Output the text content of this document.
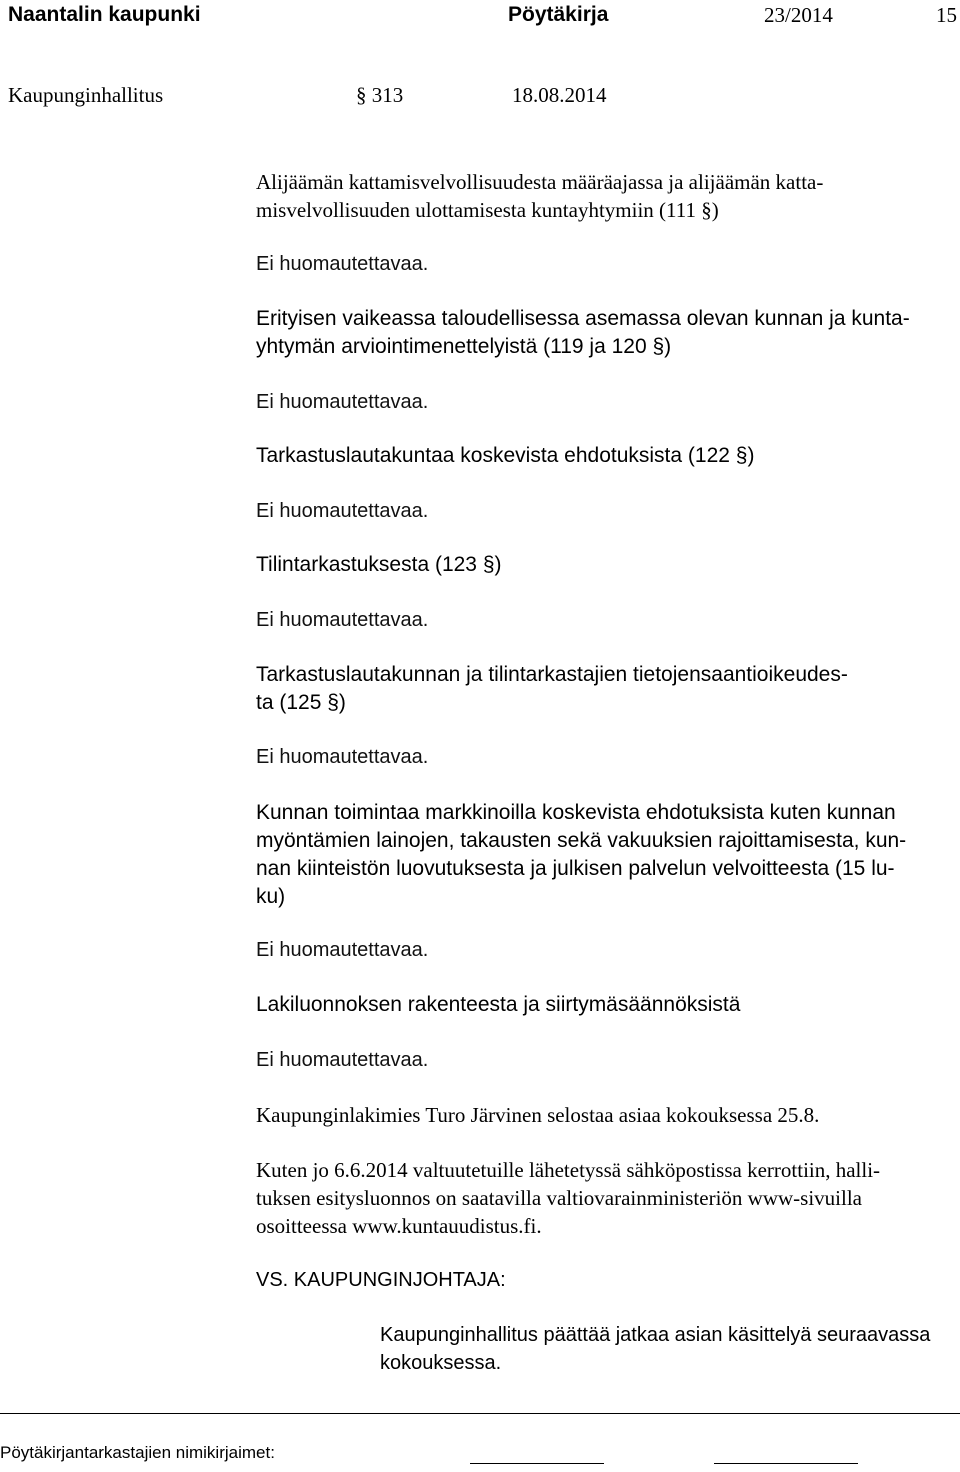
Naantalin kaupunki	Pöytäkirja	23/2014	15
Kaupunginhallitus	§ 313	18.08.2014
Alijäämän kattamisvelvollisuudesta määräajassa ja alijäämän katta-
misvelvollisuuden ulottamisesta kuntayhtymiin (111 §)
Ei huomautettavaa.
Erityisen vaikeassa taloudellisessa asemassa olevan kunnan ja kunta-
yhtymän arviointimenettelyistä (119 ja 120 §)
Ei huomautettavaa.
Tarkastuslautakuntaa koskevista ehdotuksista (122 §)
Ei huomautettavaa.
Tilintarkastuksesta (123 §)
Ei huomautettavaa.
Tarkastuslautakunnan ja tilintarkastajien tietojensaantioikeudes-
ta (125 §)
Ei huomautettavaa.
Kunnan toimintaa markkinoilla koskevista ehdotuksista kuten kunnan
myöntämien lainojen, takausten sekä vakuuksien rajoittamisesta, kun-
nan kiinteistön luovutuksesta ja julkisen palvelun velvoitteesta (15 lu-
ku)
Ei huomautettavaa.
Lakiluonnoksen rakenteesta ja siirtymäsäännöksistä
Ei huomautettavaa.
Kaupunginlakimies Turo Järvinen selostaa asiaa kokouksessa 25.8.
Kuten jo 6.6.2014 valtuutetuille lähetetyssä sähköpostissa kerrottiin, halli-
tuksen esitysluonnos on saatavilla valtiovarainministeriön www-sivuilla
osoitteessa www.kuntauudistus.fi.
VS. KAUPUNGINJOHTAJA:
Kaupunginhallitus päättää jatkaa asian käsittelyä seuraavassa
kokouksessa.
Pöytäkirjantarkastajien nimikirjaimet:
